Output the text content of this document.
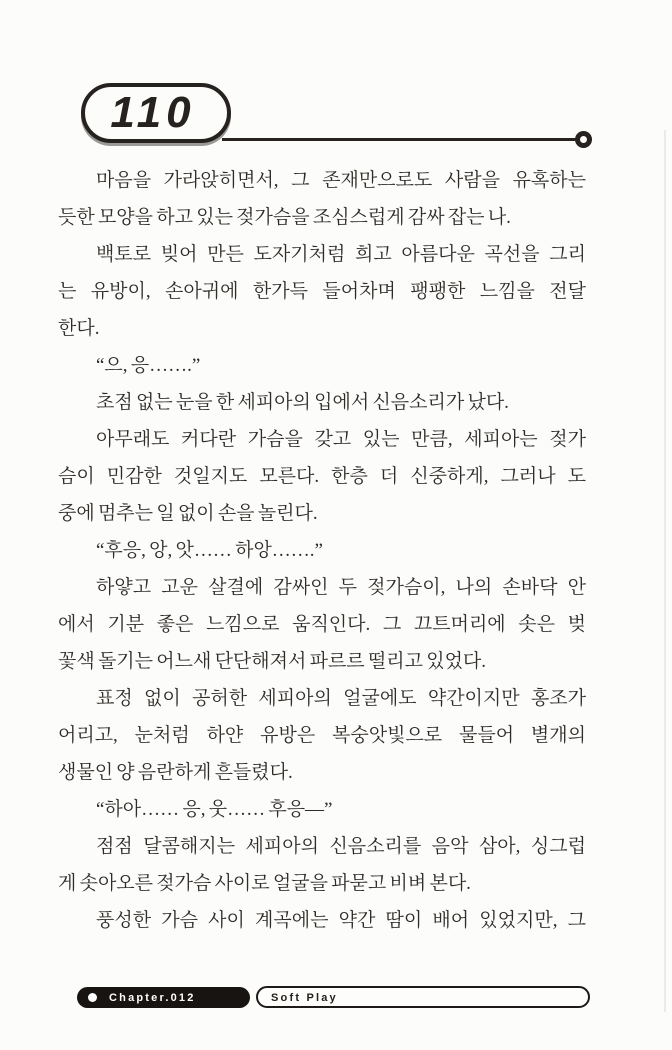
110
마음을 가라앉히면서, 그 존재만으로도 사람을 유혹하는
듯한 모양을 하고 있는 젖가슴을 조심스럽게 감싸 잡는 나.
백토로 빚어 만든 도자기처럼 희고 아름다운 곡선을 그리
는 유방이, 손아귀에 한가득 들어차며 팽팽한 느낌을 전달
한다.
“으, 응…….”
초점 없는 눈을 한 세피아의 입에서 신음소리가 났다.
아무래도 커다란 가슴을 갖고 있는 만큼, 세피아는 젖가
슴이 민감한 것일지도 모른다. 한층 더 신중하게, 그러나 도
중에 멈추는 일 없이 손을 놀린다.
“후응, 앙, 앗…… 하앙…….”
하얗고 고운 살결에 감싸인 두 젖가슴이, 나의 손바닥 안
에서 기분 좋은 느낌으로 움직인다. 그 끄트머리에 솟은 벚
꽃색 돌기는 어느새 단단해져서 파르르 떨리고 있었다.
표정 없이 공허한 세피아의 얼굴에도 약간이지만 홍조가
어리고, 눈처럼 하얀 유방은 복숭앗빛으로 물들어 별개의
생물인 양 음란하게 흔들렸다.
“하아…… 응, 웃…… 후응—”
점점 달콤해지는 세피아의 신음소리를 음악 삼아, 싱그럽
게 솟아오른 젖가슴 사이로 얼굴을 파묻고 비벼 본다.
풍성한 가슴 사이 계곡에는 약간 땀이 배어 있었지만, 그
Chapter.012	Soft Play
